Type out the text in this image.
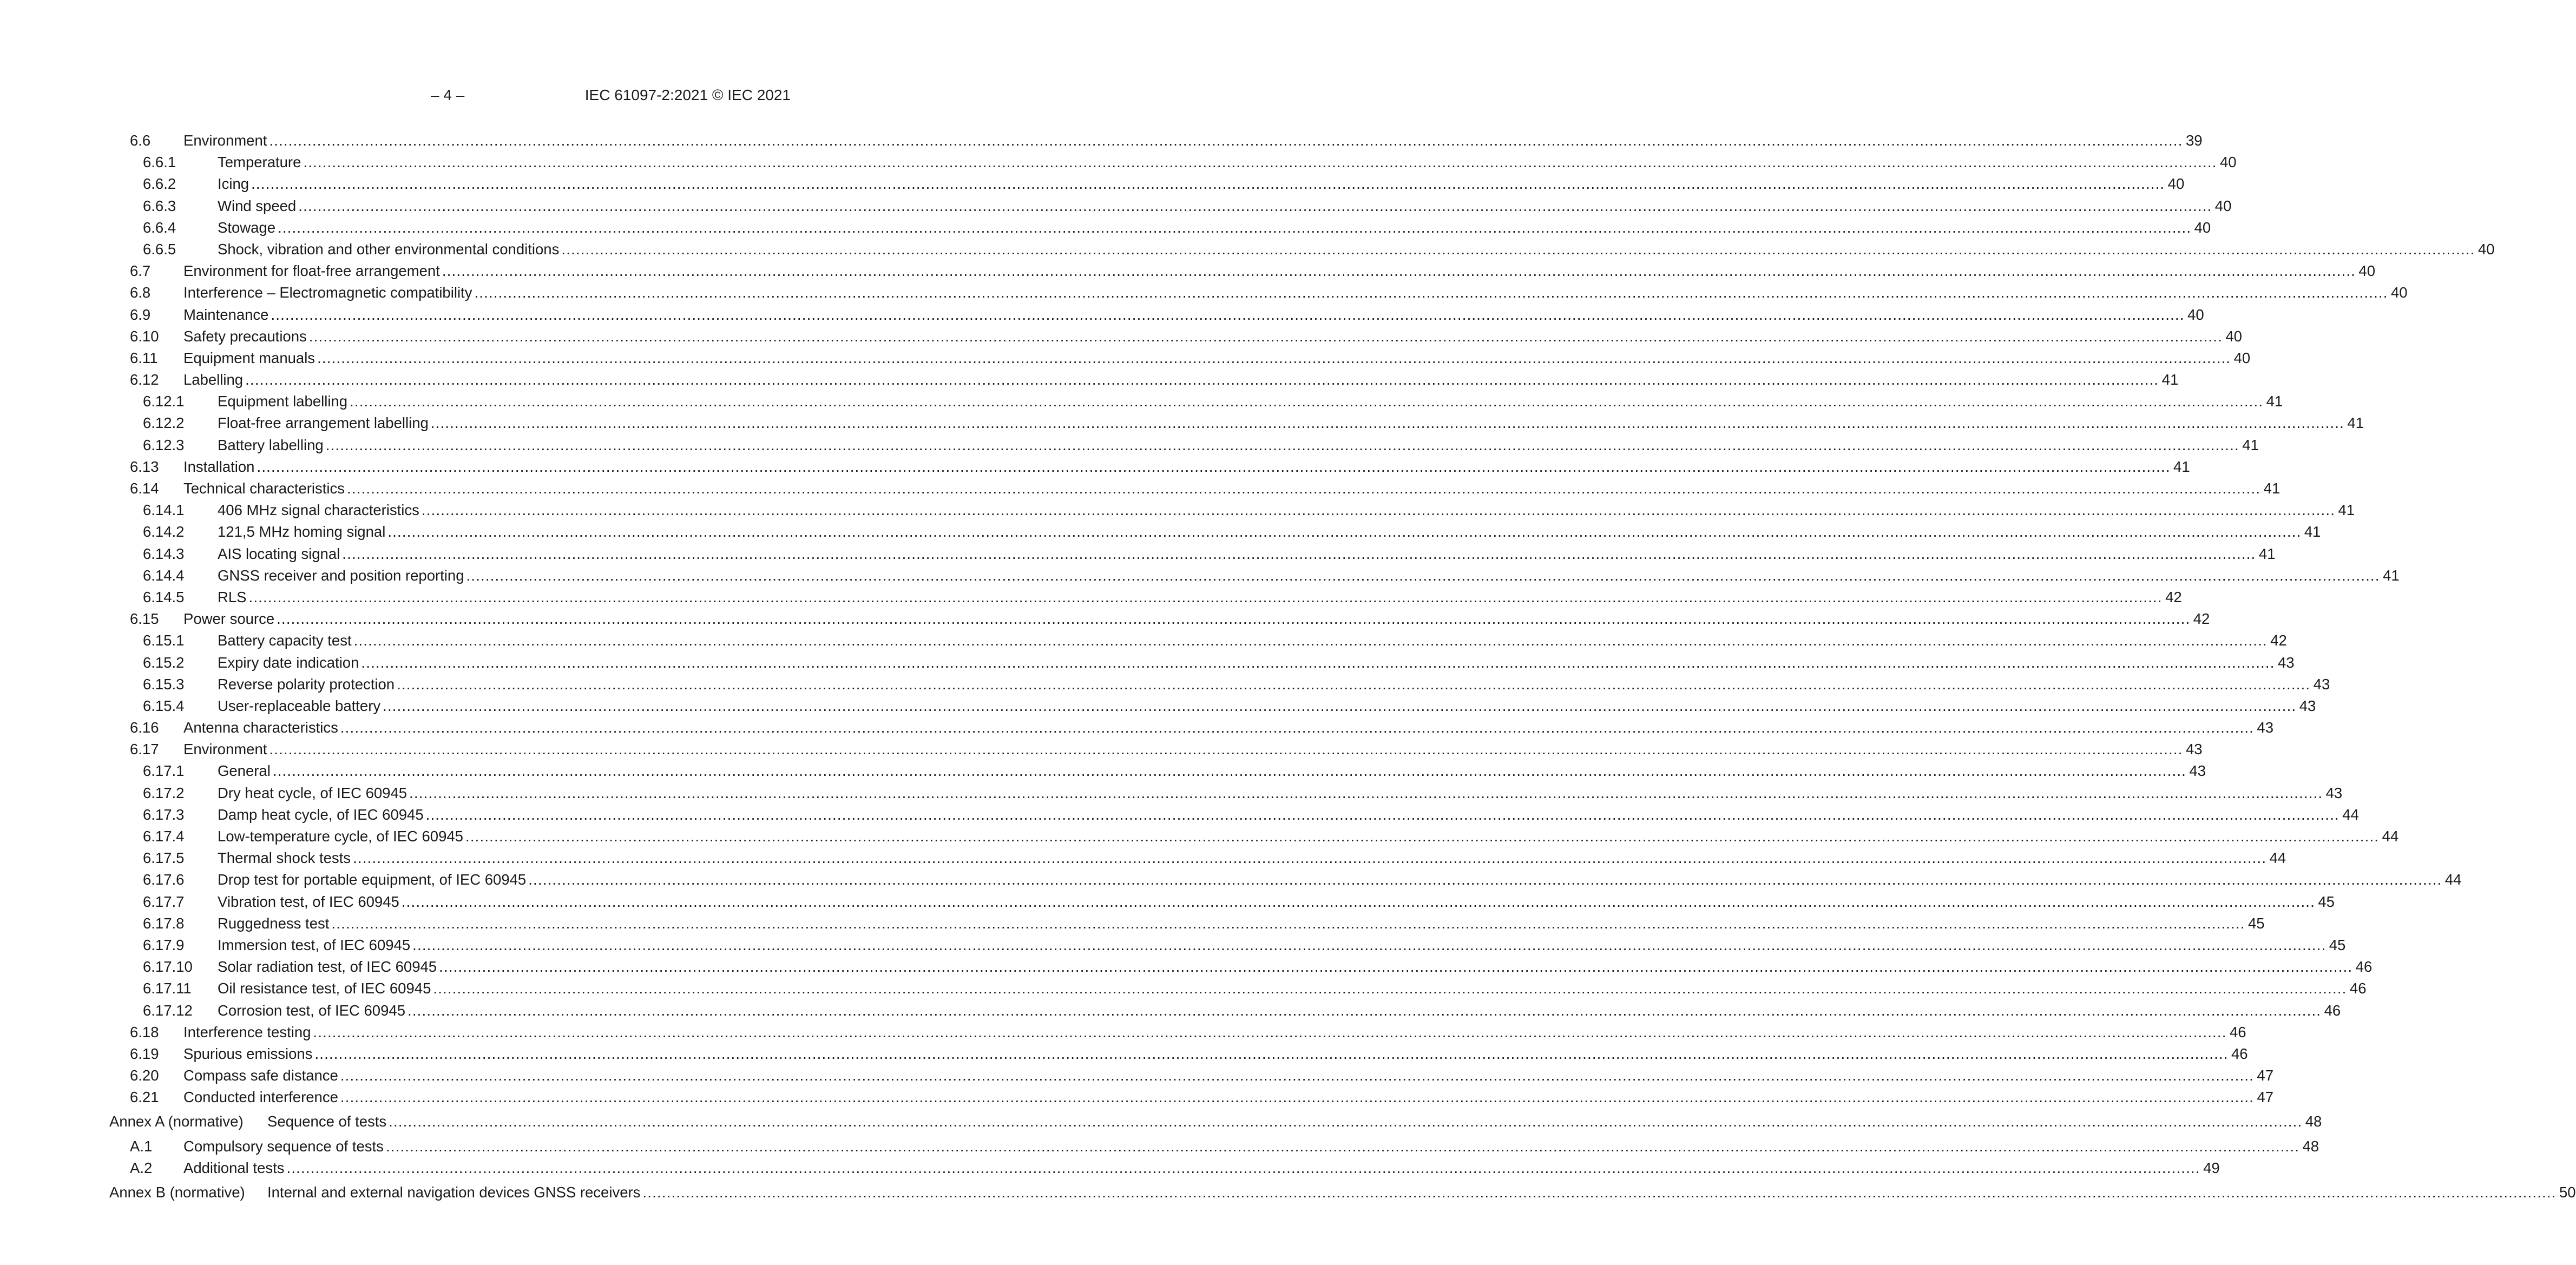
– 4 –	IEC 61097-2:2021 © IEC 2021
6.6 Environment ................................................................................................................................................................................................................................................................................................................................................................................................................ 39
6.6.1	Temperature ................................................................................................................................................................................................................................................................................................................................................................................................................ 40
6.6.2	Icing ................................................................................................................................................................................................................................................................................................................................................................................................................ 40
6.6.3	Wind speed ................................................................................................................................................................................................................................................................................................................................................................................................................ 40
6.6.4	Stowage ................................................................................................................................................................................................................................................................................................................................................................................................................ 40
6.6.5	Shock, vibration and other environmental conditions ................................................................................................................................................................................................................................................................................................................................................................................................................ 40
6.7 Environment for float-free arrangement ................................................................................................................................................................................................................................................................................................................................................................................................................ 40
6.8 Interference – Electromagnetic compatibility ................................................................................................................................................................................................................................................................................................................................................................................................................ 40
6.9 Maintenance ................................................................................................................................................................................................................................................................................................................................................................................................................ 40
6.10 Safety precautions ................................................................................................................................................................................................................................................................................................................................................................................................................ 40
6.11 Equipment manuals ................................................................................................................................................................................................................................................................................................................................................................................................................ 40
6.12 Labelling ................................................................................................................................................................................................................................................................................................................................................................................................................ 41
6.12.1 Equipment labelling ................................................................................................................................................................................................................................................................................................................................................................................................................ 41
6.12.2 Float-free arrangement labelling ................................................................................................................................................................................................................................................................................................................................................................................................................ 41
6.12.3 Battery labelling ................................................................................................................................................................................................................................................................................................................................................................................................................ 41
6.13 Installation ................................................................................................................................................................................................................................................................................................................................................................................................................ 41
6.14 Technical characteristics ................................................................................................................................................................................................................................................................................................................................................................................................................ 41
6.14.1 406 MHz signal characteristics ................................................................................................................................................................................................................................................................................................................................................................................................................ 41
6.14.2 121,5 MHz homing signal ................................................................................................................................................................................................................................................................................................................................................................................................................ 41
6.14.3 AIS locating signal ................................................................................................................................................................................................................................................................................................................................................................................................................ 41
6.14.4 GNSS receiver and position reporting ................................................................................................................................................................................................................................................................................................................................................................................................................ 41
6.14.5 RLS ................................................................................................................................................................................................................................................................................................................................................................................................................ 42
6.15 Power source ................................................................................................................................................................................................................................................................................................................................................................................................................ 42
6.15.1 Battery capacity test ................................................................................................................................................................................................................................................................................................................................................................................................................ 42
6.15.2 Expiry date indication ................................................................................................................................................................................................................................................................................................................................................................................................................ 43
6.15.3 Reverse polarity protection ................................................................................................................................................................................................................................................................................................................................................................................................................ 43
6.15.4 User-replaceable battery ................................................................................................................................................................................................................................................................................................................................................................................................................ 43
6.16 Antenna characteristics ................................................................................................................................................................................................................................................................................................................................................................................................................ 43
6.17 Environment ................................................................................................................................................................................................................................................................................................................................................................................................................ 43
6.17.1 General ................................................................................................................................................................................................................................................................................................................................................................................................................ 43
6.17.2 Dry heat cycle, of IEC 60945 ................................................................................................................................................................................................................................................................................................................................................................................................................ 43
6.17.3 Damp heat cycle, of IEC 60945 ................................................................................................................................................................................................................................................................................................................................................................................................................ 44
6.17.4 Low-temperature cycle, of IEC 60945 ................................................................................................................................................................................................................................................................................................................................................................................................................ 44
6.17.5 Thermal shock tests ................................................................................................................................................................................................................................................................................................................................................................................................................ 44
6.17.6 Drop test for portable equipment, of IEC 60945 ................................................................................................................................................................................................................................................................................................................................................................................................................ 44
6.17.7 Vibration test, of IEC 60945 ................................................................................................................................................................................................................................................................................................................................................................................................................ 45
6.17.8 Ruggedness test ................................................................................................................................................................................................................................................................................................................................................................................................................ 45
6.17.9 Immersion test, of IEC 60945 ................................................................................................................................................................................................................................................................................................................................................................................................................ 45
6.17.10 Solar radiation test, of IEC 60945 ................................................................................................................................................................................................................................................................................................................................................................................................................ 46
6.17.11 Oil resistance test, of IEC 60945 ................................................................................................................................................................................................................................................................................................................................................................................................................ 46
6.17.12 Corrosion test, of IEC 60945 ................................................................................................................................................................................................................................................................................................................................................................................................................ 46
6.18 Interference testing ................................................................................................................................................................................................................................................................................................................................................................................................................ 46
6.19 Spurious emissions ................................................................................................................................................................................................................................................................................................................................................................................................................ 46
6.20 Compass safe distance ................................................................................................................................................................................................................................................................................................................................................................................................................ 47
6.21 Conducted interference ................................................................................................................................................................................................................................................................................................................................................................................................................ 47
Annex A (normative) Sequence of tests ................................................................................................................................................................................................................................................................................................................................................................................................................ 48
A.1 Compulsory sequence of tests ................................................................................................................................................................................................................................................................................................................................................................................................................ 48
A.2 Additional tests ................................................................................................................................................................................................................................................................................................................................................................................................................ 49
Annex B (normative) Internal and external navigation devices GNSS receivers ................................................................................................................................................................................................................................................................................................................................................................................................................ 50
